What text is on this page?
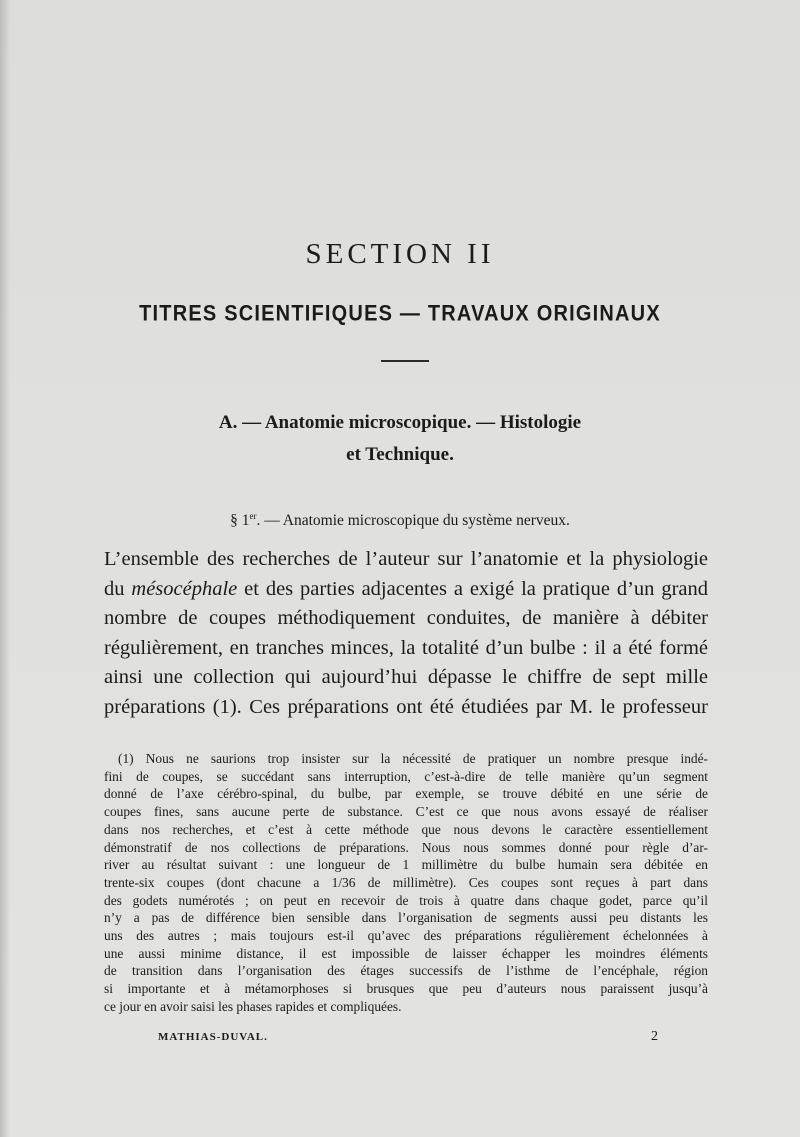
SECTION II
TITRES SCIENTIFIQUES — TRAVAUX ORIGINAUX
A. — Anatomie microscopique. — Histologie
et Technique.
§ 1er. — Anatomie microscopique du système nerveux.
L’ensemble des recherches de l’auteur sur l’anatomie et la physiologie
du mésocéphale et des parties adjacentes a exigé la pratique d’un grand
nombre de coupes méthodiquement conduites, de manière à débiter
régulièrement, en tranches minces, la totalité d’un bulbe : il a été formé
ainsi une collection qui aujourd’hui dépasse le chiffre de sept mille
préparations (1). Ces préparations ont été étudiées par M. le professeur
(1) Nous ne saurions trop insister sur la nécessité de pratiquer un nombre presque indé-
fini de coupes, se succédant sans interruption, c’est-à-dire de telle manière qu’un segment
donné de l’axe cérébro-spinal, du bulbe, par exemple, se trouve débité en une série de
coupes fines, sans aucune perte de substance. C’est ce que nous avons essayé de réaliser
dans nos recherches, et c’est à cette méthode que nous devons le caractère essentiellement
démonstratif de nos collections de préparations. Nous nous sommes donné pour règle d’ar-
river au résultat suivant : une longueur de 1 millimètre du bulbe humain sera débitée en
trente-six coupes (dont chacune a 1/36 de millimètre). Ces coupes sont reçues à part dans
des godets numérotés ; on peut en recevoir de trois à quatre dans chaque godet, parce qu’il
n’y a pas de différence bien sensible dans l’organisation de segments aussi peu distants les
uns des autres ; mais toujours est-il qu’avec des préparations régulièrement échelonnées à
une aussi minime distance, il est impossible de laisser échapper les moindres éléments
de transition dans l’organisation des étages successifs de l’isthme de l’encéphale, région
si importante et à métamorphoses si brusques que peu d’auteurs nous paraissent jusqu’à
ce jour en avoir saisi les phases rapides et compliquées.
MATHIAS-DUVAL.	2
